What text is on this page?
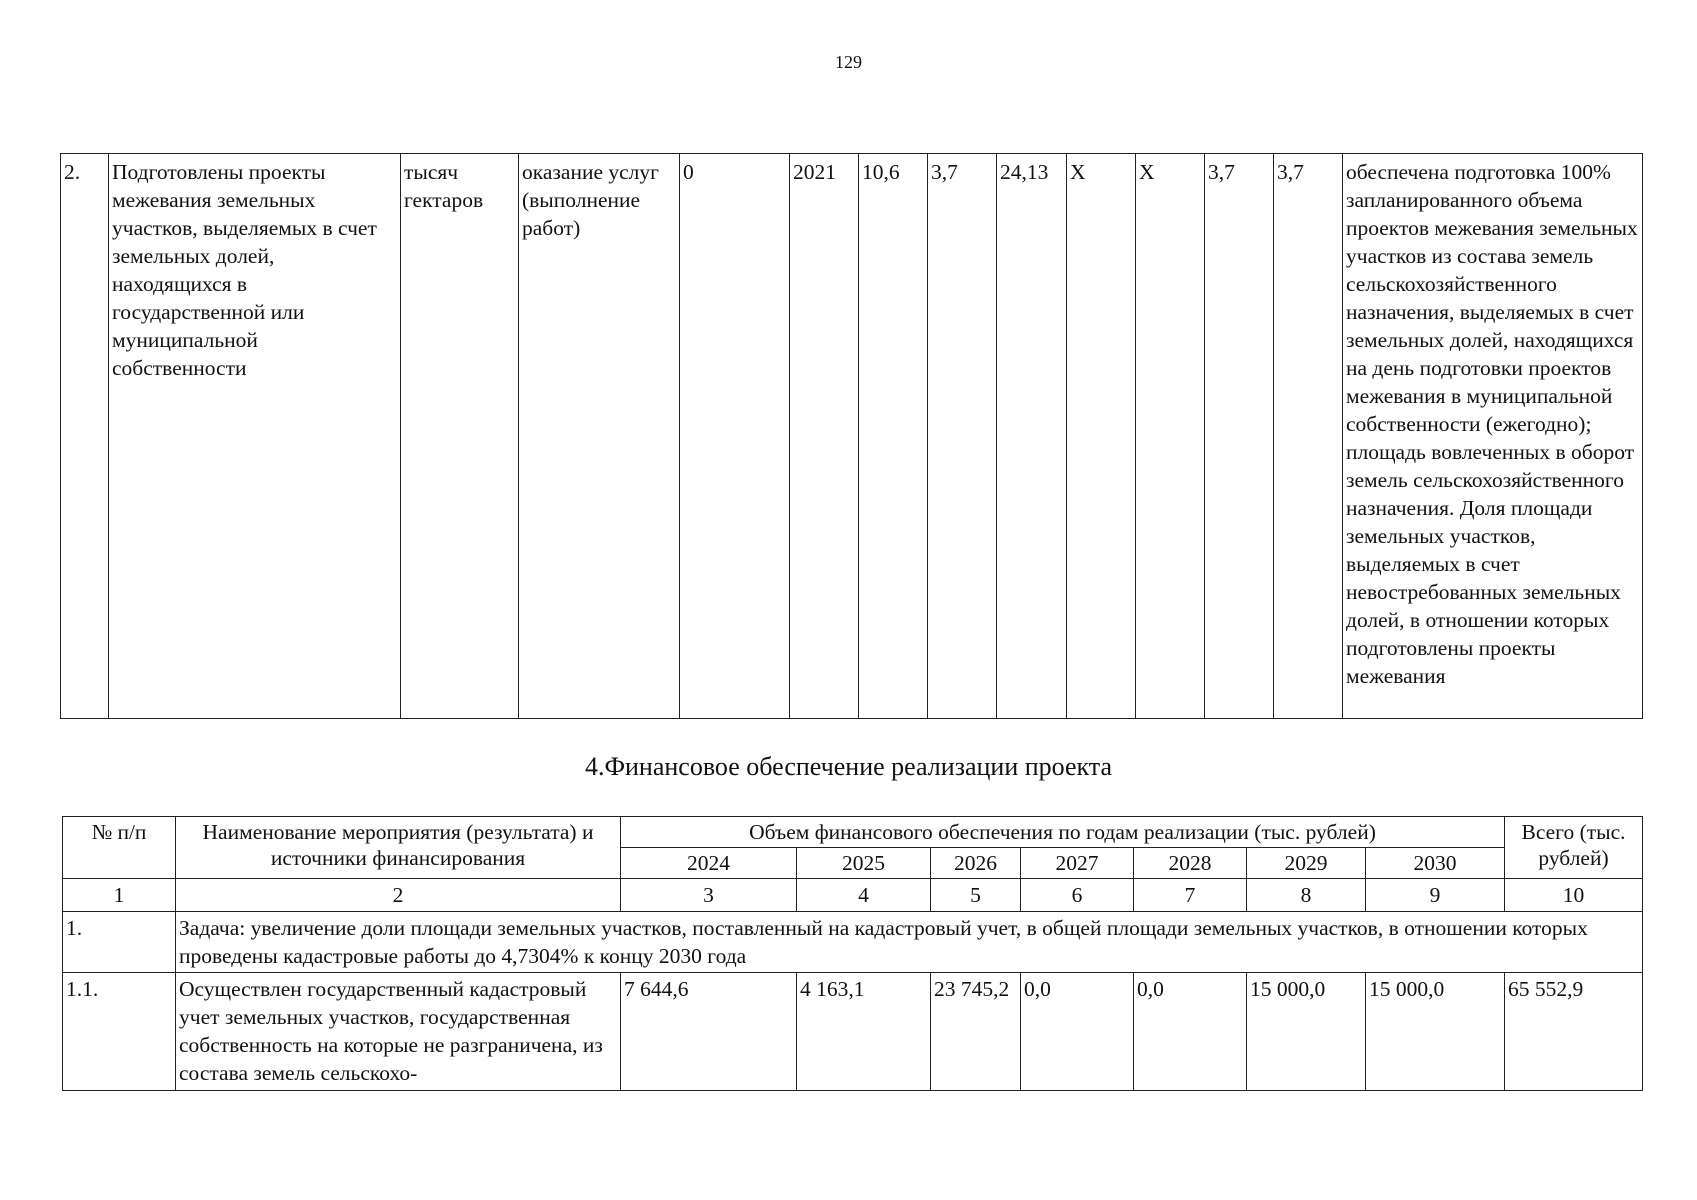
129
2.	Подготовлены проекты межевания земельных участков, выделяемых в счет земельных долей, находящихся в государственной или муниципальной собственности	тысяч гектаров	оказание услуг (выполнение работ)	0	2021	10,6	3,7	24,13	X	X	3,7	3,7	обеспечена подготовка 100% запланированного объема проектов межевания земельных участков из состава земель сельскохозяйственного назначения, выделяемых в счет земельных долей, находящихся на день подготовки проектов межевания в муниципальной собственности (ежегодно); площадь вовлеченных в оборот земель сельскохозяйственного назначения. Доля площади земельных участков, выделяемых в счет невостребованных земельных долей, в отношении которых подготовлены проекты межевания
4.Финансовое обеспечение реализации проекта
№ п/п	Наименование мероприятия (результата) и источники финансирования	Объем финансового обеспечения по годам реализации (тыс. рублей)							Всего (тыс. рублей)
		2024	2025	2026	2027	2028	2029	2030	
1	2	3	4	5	6	7	8	9	10
1.	Задача: увеличение доли площади земельных участков, поставленный на кадастровый учет, в общей площади земельных участков, в отношении которых проведены кадастровые работы до 4,7304% к концу 2030 года								
1.1.	Осуществлен государственный кадастровый учет земельных участков, государственная собственность на которые не разграничена, из состава земель сельскохо-	7 644,6	4 163,1	23 745,2	0,0	0,0	15 000,0	15 000,0	65 552,9
